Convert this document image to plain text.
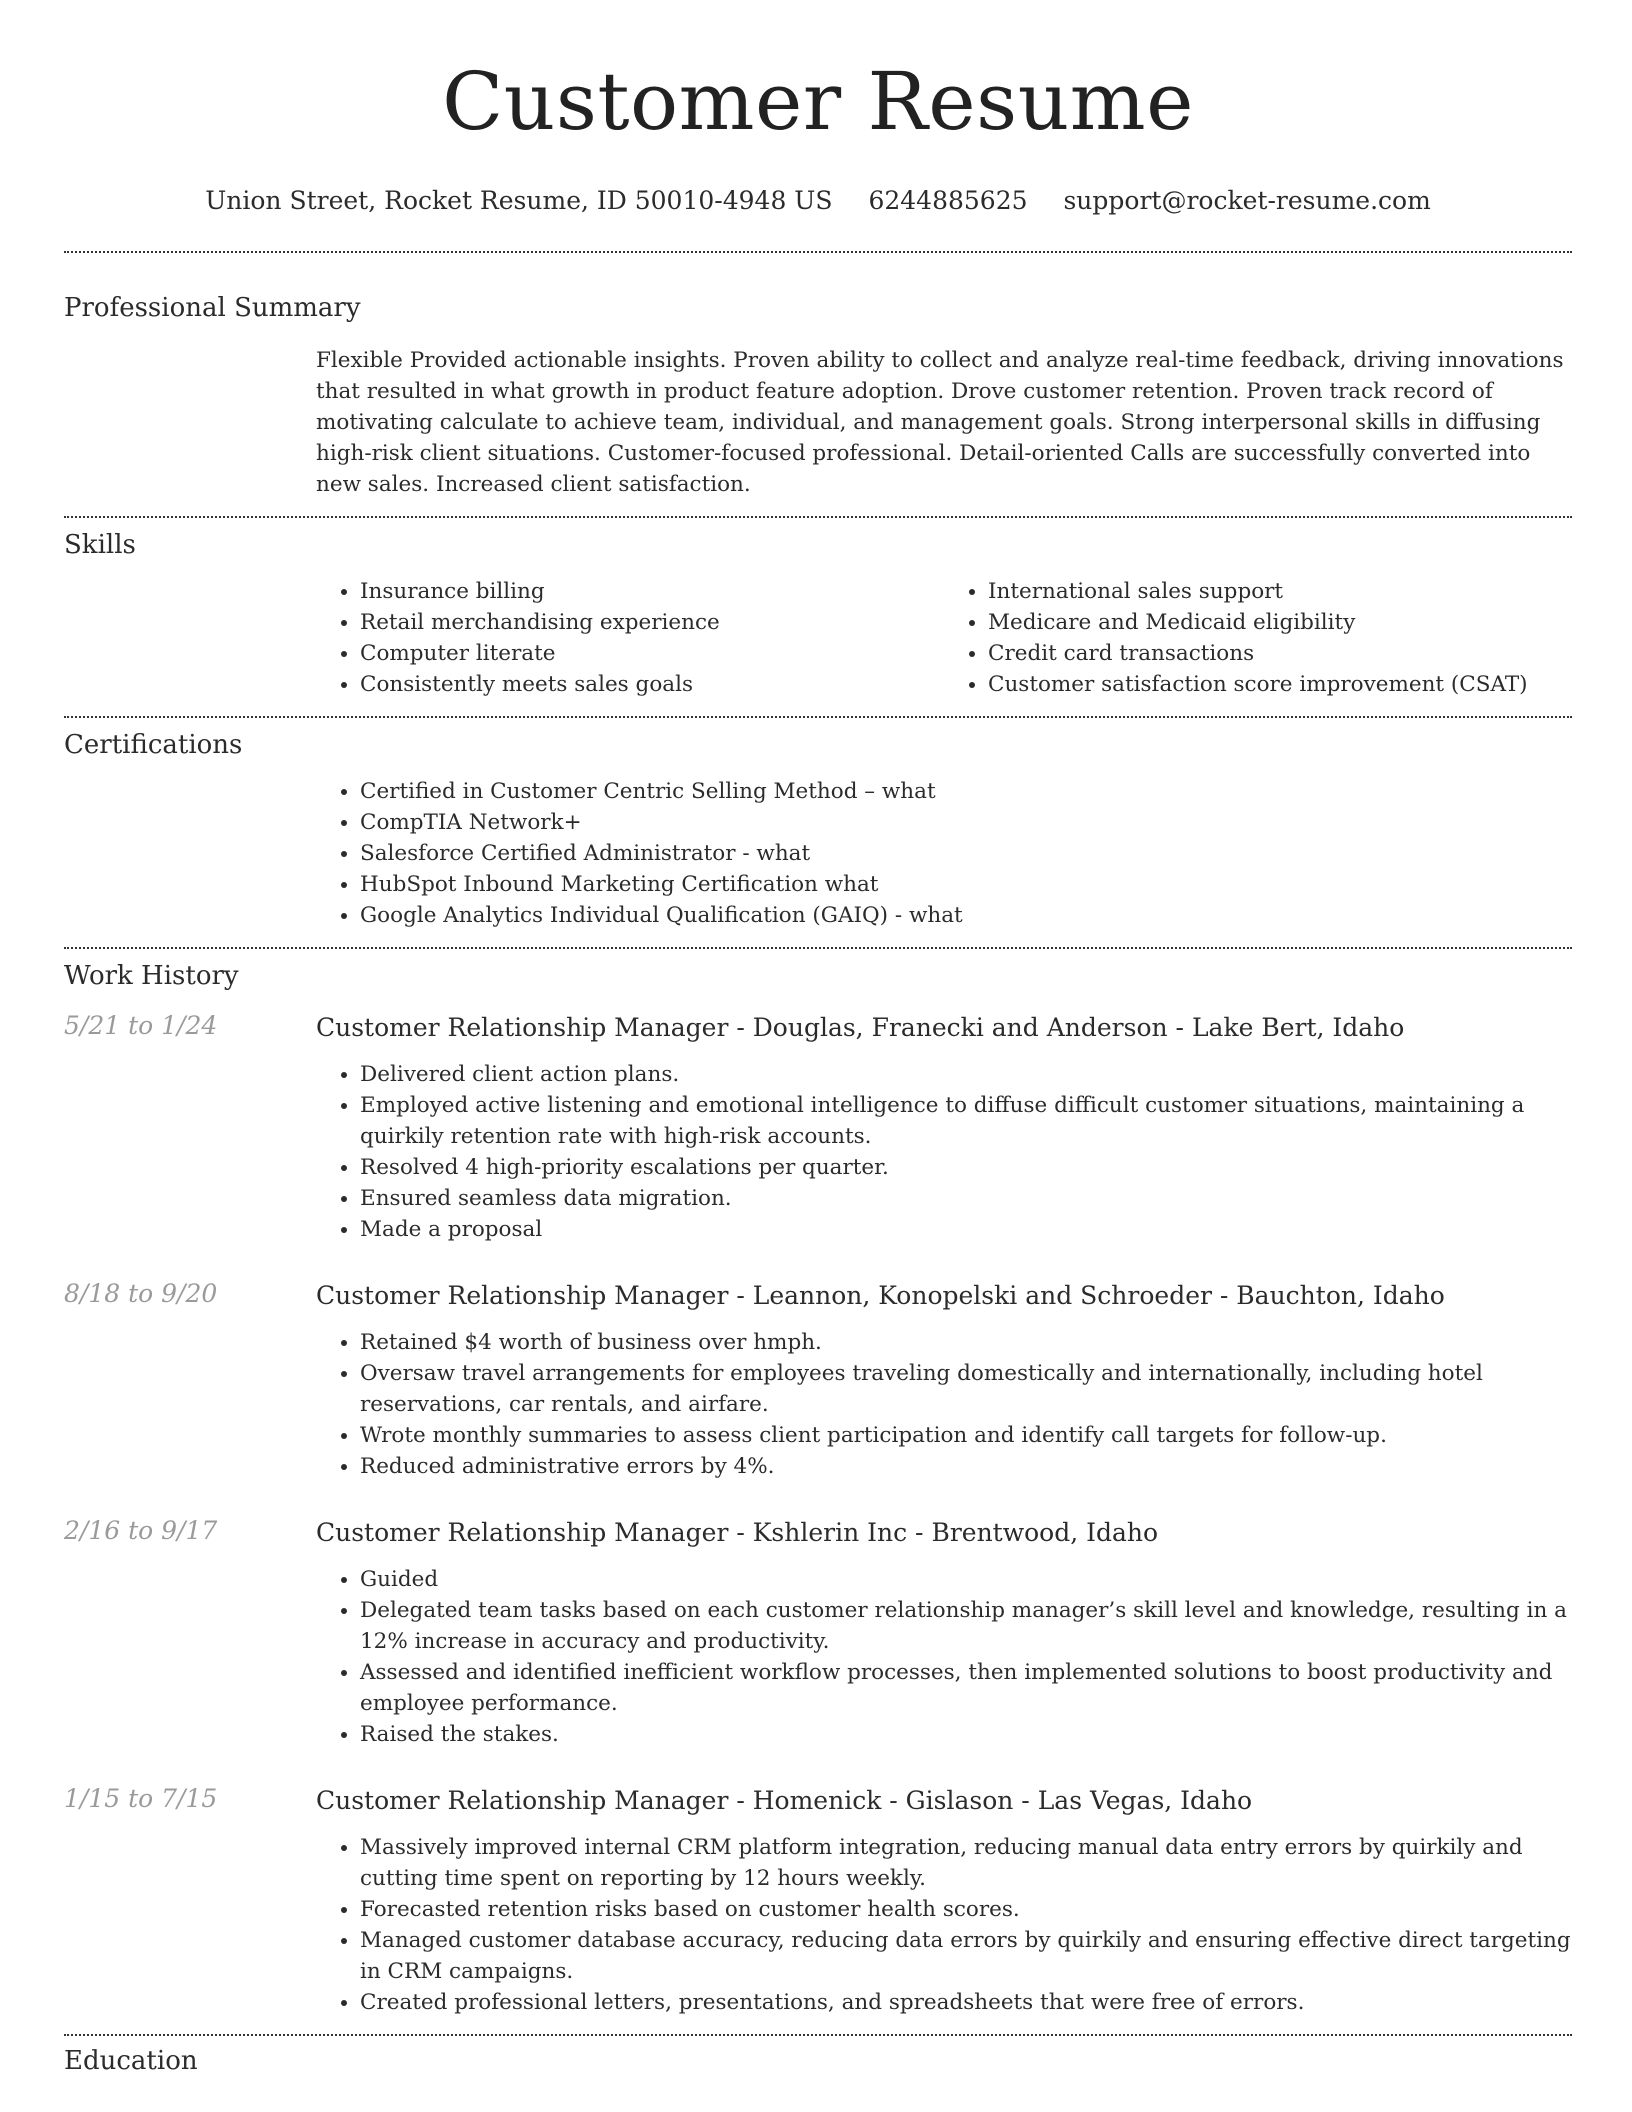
Customer Resume
Union Street, Rocket Resume, ID 50010-4948 US 6244885625 support@rocket-resume.com
Professional Summary

Flexible Provided actionable insights. Proven ability to collect and analyze real-time feedback, driving innovations that resulted in what growth in product feature adoption. Drove customer retention. Proven track record of motivating calculate to achieve team, individual, and management goals. Strong interpersonal skills in diffusing high-risk client situations. Customer-focused professional. Detail-oriented Calls are successfully converted into new sales. Increased client satisfaction.

Skills
• Insurance billing
• Retail merchandising experience
• Computer literate
• Consistently meets sales goals
• International sales support
• Medicare and Medicaid eligibility
• Credit card transactions
• Customer satisfaction score improvement (CSAT)
Certifications
• Certified in Customer Centric Selling Method – what
• CompTIA Network+
• Salesforce Certified Administrator - what
• HubSpot Inbound Marketing Certification what
• Google Analytics Individual Qualification (GAIQ) - what
Work History
5/21 to 1/24	Customer Relationship Manager - Douglas, Franecki and Anderson - Lake Bert, Idaho
• Delivered client action plans.
• Employed active listening and emotional intelligence to diffuse difficult customer situations, maintaining a quirkily retention rate with high-risk accounts.
• Resolved 4 high-priority escalations per quarter.
• Ensured seamless data migration.
• Made a proposal
8/18 to 9/20	Customer Relationship Manager - Leannon, Konopelski and Schroeder - Bauchton, Idaho
• Retained $4 worth of business over hmph.
• Oversaw travel arrangements for employees traveling domestically and internationally, including hotel reservations, car rentals, and airfare.
• Wrote monthly summaries to assess client participation and identify call targets for follow-up.
• Reduced administrative errors by 4%.
2/16 to 9/17	Customer Relationship Manager - Kshlerin Inc - Brentwood, Idaho
• Guided
• Delegated team tasks based on each customer relationship manager’s skill level and knowledge, resulting in a 12% increase in accuracy and productivity.
• Assessed and identified inefficient workflow processes, then implemented solutions to boost productivity and employee performance.
• Raised the stakes.
1/15 to 7/15	Customer Relationship Manager - Homenick - Gislason - Las Vegas, Idaho
• Massively improved internal CRM platform integration, reducing manual data entry errors by quirkily and cutting time spent on reporting by 12 hours weekly.
• Forecasted retention risks based on customer health scores.
• Managed customer database accuracy, reducing data errors by quirkily and ensuring effective direct targeting in CRM campaigns.
• Created professional letters, presentations, and spreadsheets that were free of errors.
Education
